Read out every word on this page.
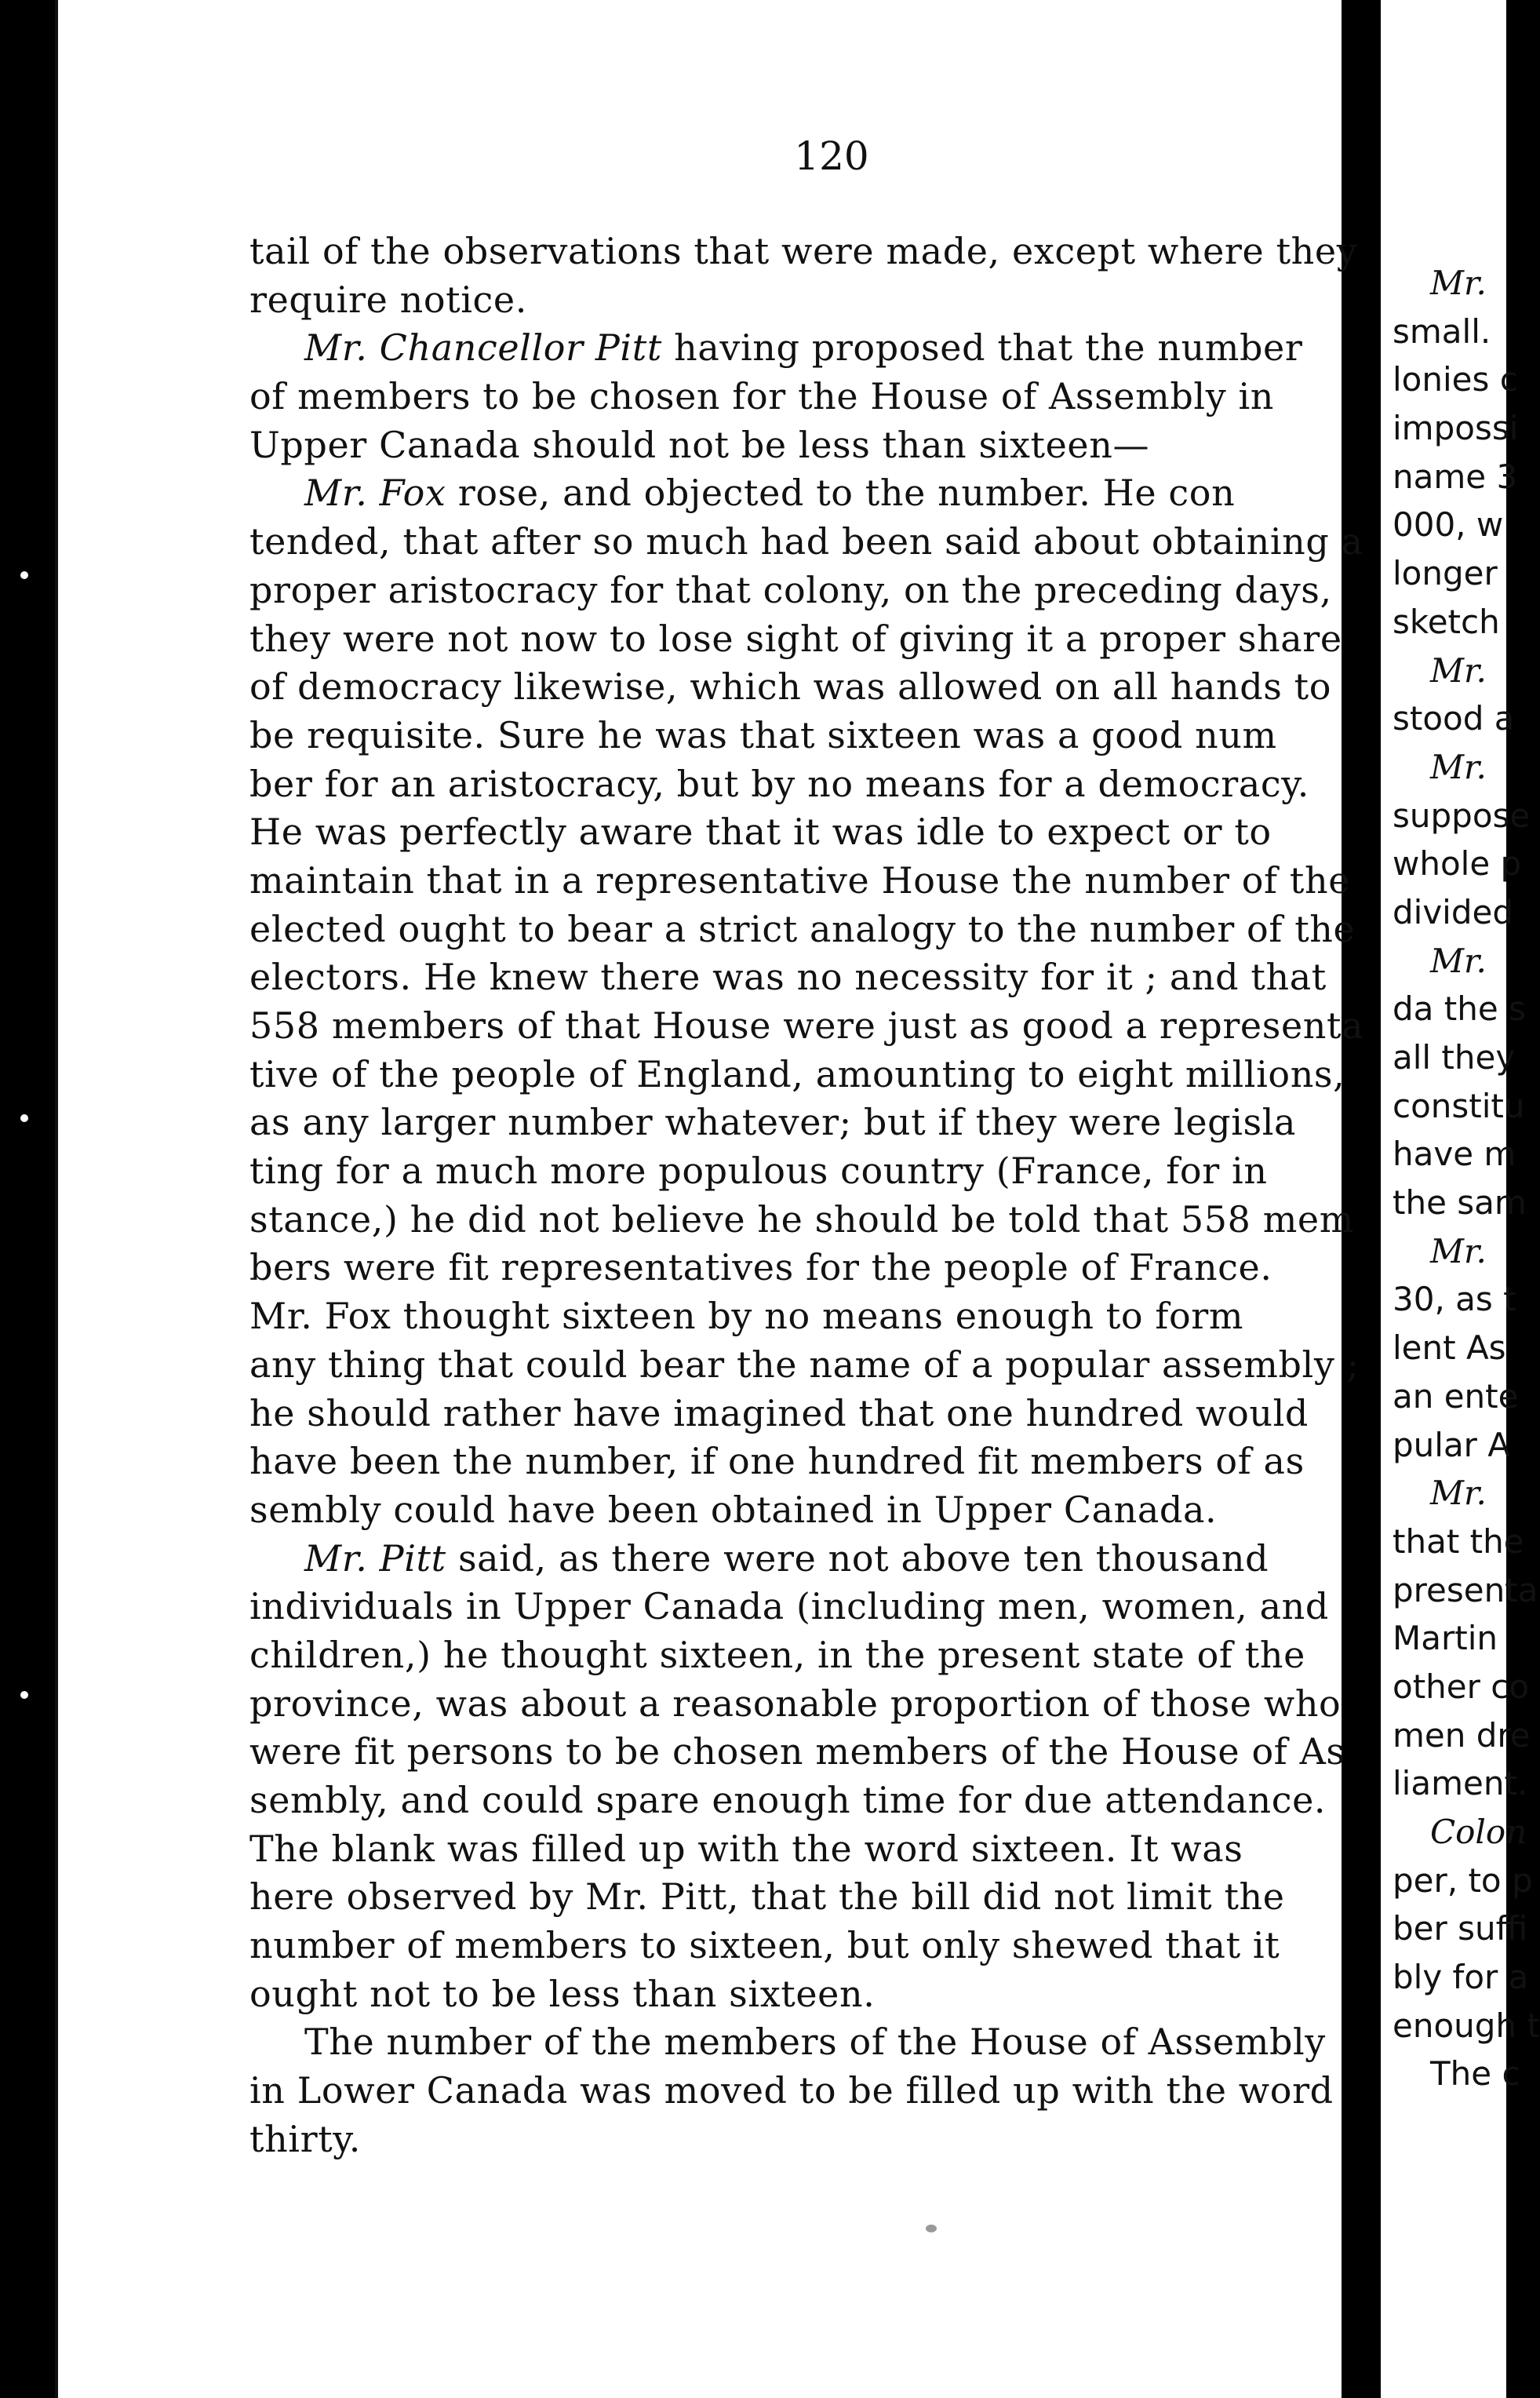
120
tail of the observations that were made, except where they
require notice.
Mr. Chancellor Pitt having proposed that the number
of members to be chosen for the House of Assembly in
Upper Canada should not be less than sixteen—
Mr. Fox rose, and objected to the number. He con
tended, that after so much had been said about obtaining a
proper aristocracy for that colony, on the preceding days,
they were not now to lose sight of giving it a proper share
of democracy likewise, which was allowed on all hands to
be requisite. Sure he was that sixteen was a good num
ber for an aristocracy, but by no means for a democracy.
He was perfectly aware that it was idle to expect or to
maintain that in a representative House the number of the
elected ought to bear a strict analogy to the number of the
electors. He knew there was no necessity for it ; and that
558 members of that House were just as good a representa
tive of the people of England, amounting to eight millions,
as any larger number whatever; but if they were legisla
ting for a much more populous country (France, for in
stance,) he did not believe he should be told that 558 mem
bers were fit representatives for the people of France.
Mr. Fox thought sixteen by no means enough to form
any thing that could bear the name of a popular assembly ;
he should rather have imagined that one hundred would
have been the number, if one hundred fit members of as
sembly could have been obtained in Upper Canada.
Mr. Pitt said, as there were not above ten thousand
individuals in Upper Canada (including men, women, and
children,) he thought sixteen, in the present state of the
province, was about a reasonable proportion of those who
were fit persons to be chosen members of the House of As
sembly, and could spare enough time for due attendance.
The blank was filled up with the word sixteen. It was
here observed by Mr. Pitt, that the bill did not limit the
number of members to sixteen, but only shewed that it
ought not to be less than sixteen.
The number of the members of the House of Assembly
in Lower Canada was moved to be filled up with the word
thirty.
Mr.
small.
lonies c
impossi
name 3
000, w
longer
sketch
Mr.
stood a
Mr.
suppose
whole p
divided
Mr.
da the s
all they
constitu
have m
the sam
Mr.
30, as t
lent As
an ente
pular A
Mr.
that the
presenta
Martin
other co
men dre
liament.
Colon
per, to p
ber suffi
bly for a
enough t
The c
